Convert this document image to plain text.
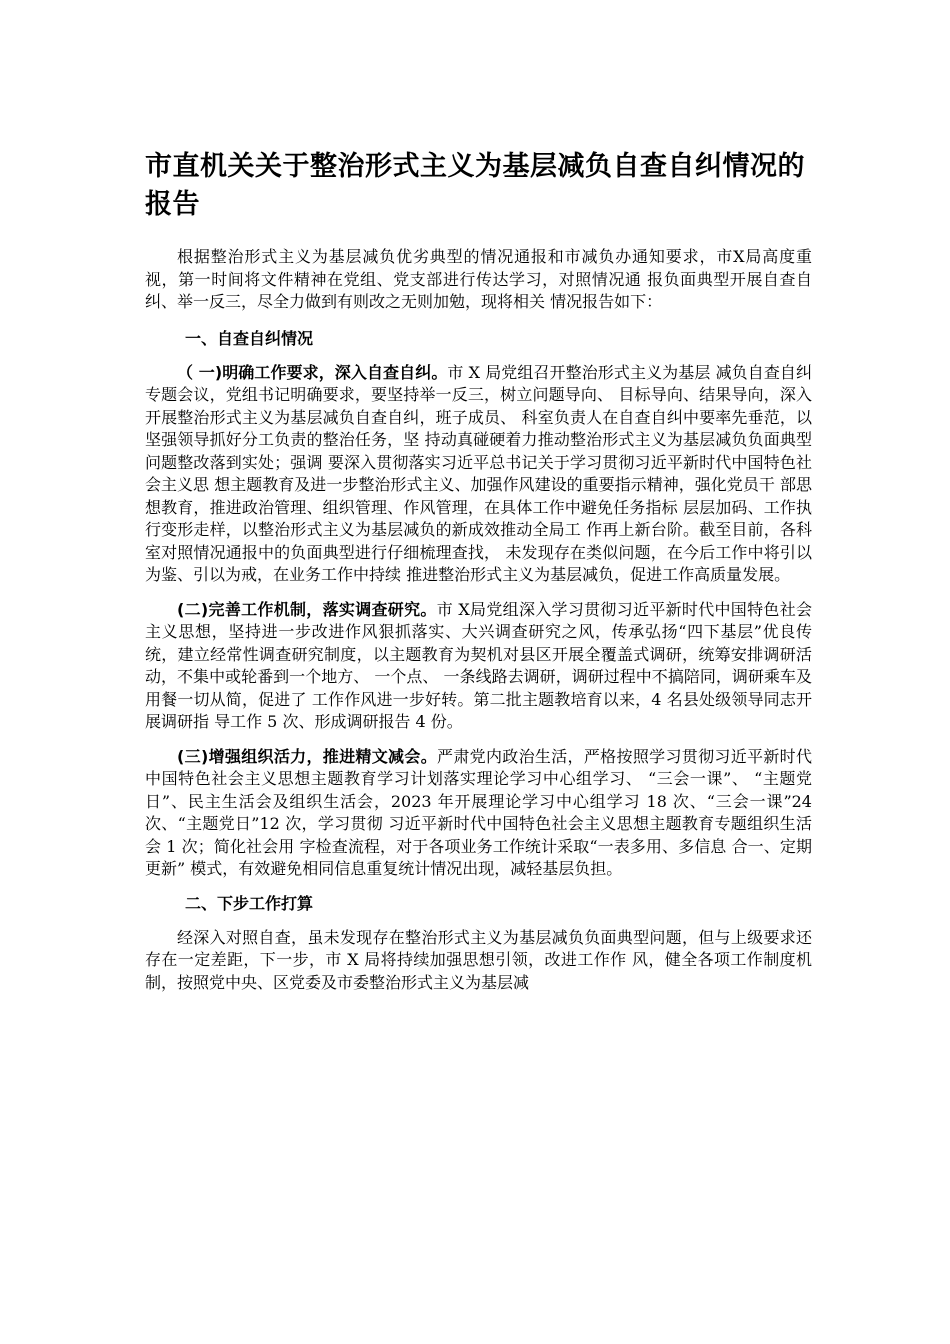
市直机关关于整治形式主义为基层减负自查自纠情况的报告

根据整治形式主义为基层减负优劣典型的情况通报和市减负办通知要求，市X局高度重视，第一时间将文件精神在党组、党支部进行传达学习，对照情况通 报负面典型开展自查自纠、举一反三，尽全力做到有则改之无则加勉，现将相关 情况报告如下：

一、自查自纠情况

（ 一)明确工作要求，深入自查自纠。市 X 局党组召开整治形式主义为基层 减负自查自纠专题会议，党组书记明确要求，要坚持举一反三，树立问题导向、 目标导向、结果导向，深入开展整治形式主义为基层减负自查自纠，班子成员、 科室负责人在自查自纠中要率先垂范，以坚强领导抓好分工负责的整治任务，坚 持动真碰硬着力推动整治形式主义为基层减负负面典型问题整改落到实处；强调 要深入贯彻落实习近平总书记关于学习贯彻习近平新时代中国特色社会主义思 想主题教育及进一步整治形式主义、加强作风建设的重要指示精神，强化党员干 部思想教育，推进政治管理、组织管理、作风管理，在具体工作中避免任务指标 层层加码、工作执行变形走样，以整治形式主义为基层减负的新成效推动全局工 作再上新台阶。截至目前，各科室对照情况通报中的负面典型进行仔细梳理查找， 未发现存在类似问题，在今后工作中将引以为鉴、引以为戒，在业务工作中持续 推进整治形式主义为基层减负，促进工作高质量发展。

(二)完善工作机制，落实调查研究。市 X局党组深入学习贯彻习近平新时代中国特色社会主义思想，坚持进一步改进作风狠抓落实、大兴调查研究之风，传承弘扬“四下基层”优良传统，建立经常性调查研究制度，以主题教育为契机对县区开展全覆盖式调研，统筹安排调研活动，不集中或轮番到一个地方、 一个点、 一条线路去调研，调研过程中不搞陪同，调研乘车及用餐一切从简，促进了 工作作风进一步好转。第二批主题教培育以来，4 名县处级领导同志开展调研指 导工作 5 次、形成调研报告 4 份。

(三)增强组织活力，推进精文减会。严肃党内政治生活，严格按照学习贯彻习近平新时代中国特色社会主义思想主题教育学习计划落实理论学习中心组学习、 “三会一课”、 “主题党日”、民主生活会及组织生活会，2023 年开展理论学习中心组学习 18 次、“三会一课”24 次、“主题党日”12 次，学习贯彻 习近平新时代中国特色社会主义思想主题教育专题组织生活会 1 次；简化社会用 字检查流程，对于各项业务工作统计采取“一表多用、多信息 合一、定期更新” 模式，有效避免相同信息重复统计情况出现，减轻基层负担。

二、下步工作打算

经深入对照自查，虽未发现存在整治形式主义为基层减负负面典型问题，但与上级要求还存在一定差距，下一步，市 X 局将持续加强思想引领，改进工作作 风，健全各项工作制度机制，按照党中央、区党委及市委整治形式主义为基层减
